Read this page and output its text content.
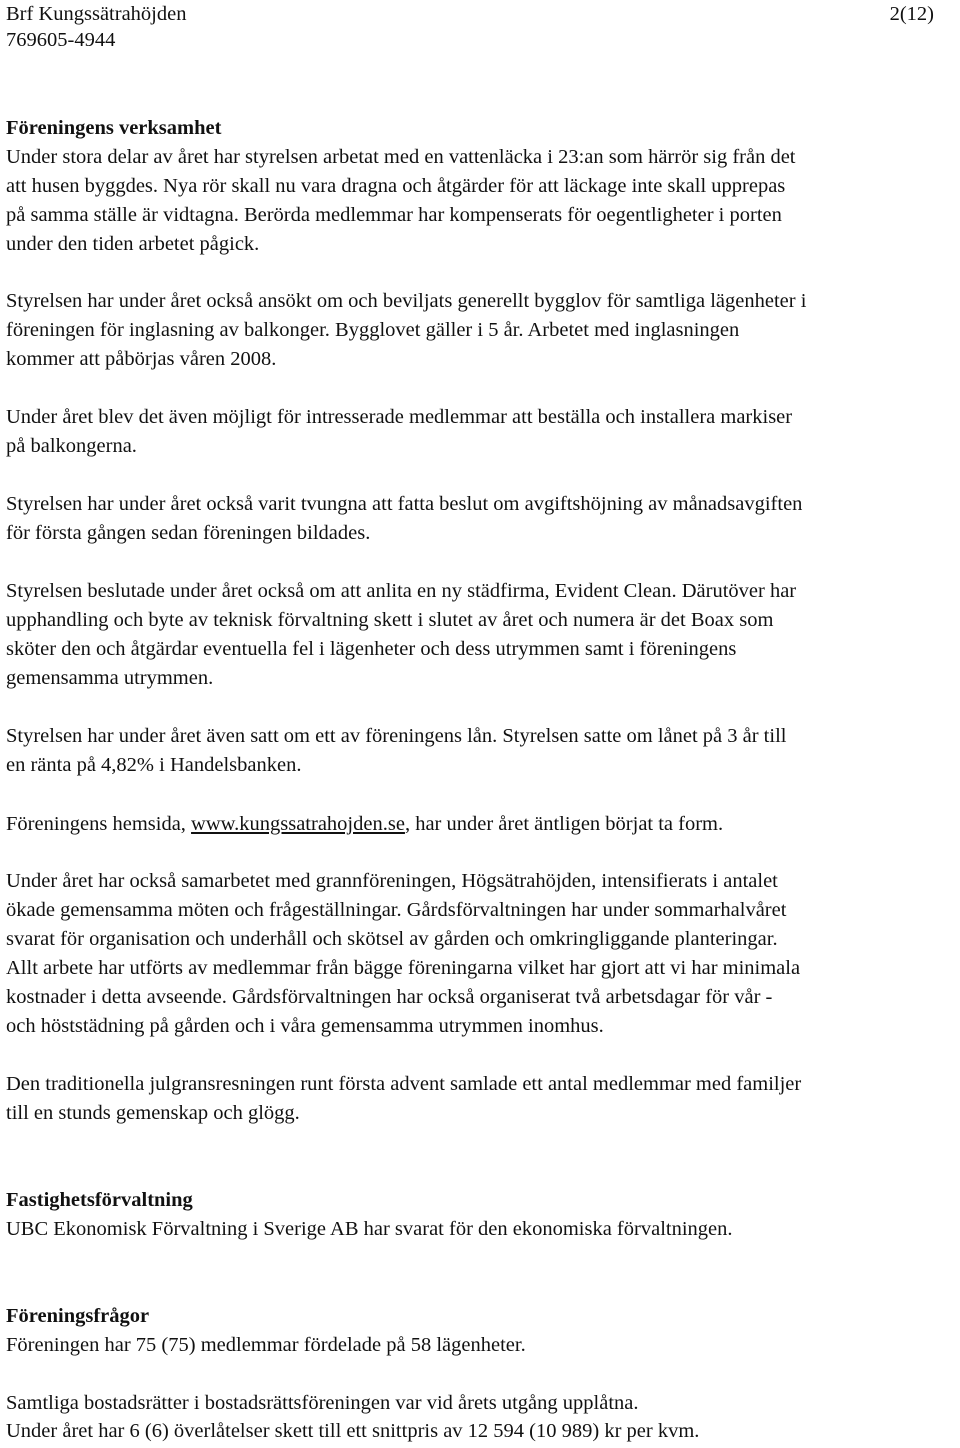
Brf Kungssätrahöjden	2(12)
769605-4944
Föreningens verksamhet
Under stora delar av året har styrelsen arbetat med en vattenläcka i 23:an som härrör sig från det
att husen byggdes. Nya rör skall nu vara dragna och åtgärder för att läckage inte skall upprepas
på samma ställe är vidtagna. Berörda medlemmar har kompenserats för oegentligheter i porten
under den tiden arbetet pågick.
Styrelsen har under året också ansökt om och beviljats generellt bygglov för samtliga lägenheter i
föreningen för inglasning av balkonger. Bygglovet gäller i 5 år. Arbetet med inglasningen
kommer att påbörjas våren 2008.
Under året blev det även möjligt för intresserade medlemmar att beställa och installera markiser
på balkongerna.
Styrelsen har under året också varit tvungna att fatta beslut om avgiftshöjning av månadsavgiften
för första gången sedan föreningen bildades.
Styrelsen beslutade under året också om att anlita en ny städfirma, Evident Clean. Därutöver har
upphandling och byte av teknisk förvaltning skett i slutet av året och numera är det Boax som
sköter den och åtgärdar eventuella fel i lägenheter och dess utrymmen samt i föreningens
gemensamma utrymmen.
Styrelsen har under året även satt om ett av föreningens lån. Styrelsen satte om lånet på 3 år till
en ränta på 4,82% i Handelsbanken.
Föreningens hemsida, www.kungssatrahojden.se, har under året äntligen börjat ta form.
Under året har också samarbetet med grannföreningen, Högsätrahöjden, intensifierats i antalet
ökade gemensamma möten och frågeställningar. Gårdsförvaltningen har under sommarhalvåret
svarat för organisation och underhåll och skötsel av gården och omkringliggande planteringar.
Allt arbete har utförts av medlemmar från bägge föreningarna vilket har gjort att vi har minimala
kostnader i detta avseende. Gårdsförvaltningen har också organiserat två arbetsdagar för vår -
och höststädning på gården och i våra gemensamma utrymmen inomhus.
Den traditionella julgransresningen runt första advent samlade ett antal medlemmar med familjer
till en stunds gemenskap och glögg.
Fastighetsförvaltning
UBC Ekonomisk Förvaltning i Sverige AB har svarat för den ekonomiska förvaltningen.
Föreningsfrågor
Föreningen har 75 (75) medlemmar fördelade på 58 lägenheter.
Samtliga bostadsrätter i bostadsrättsföreningen var vid årets utgång upplåtna.
Under året har 6 (6) överlåtelser skett till ett snittpris av 12 594 (10 989) kr per kvm.
